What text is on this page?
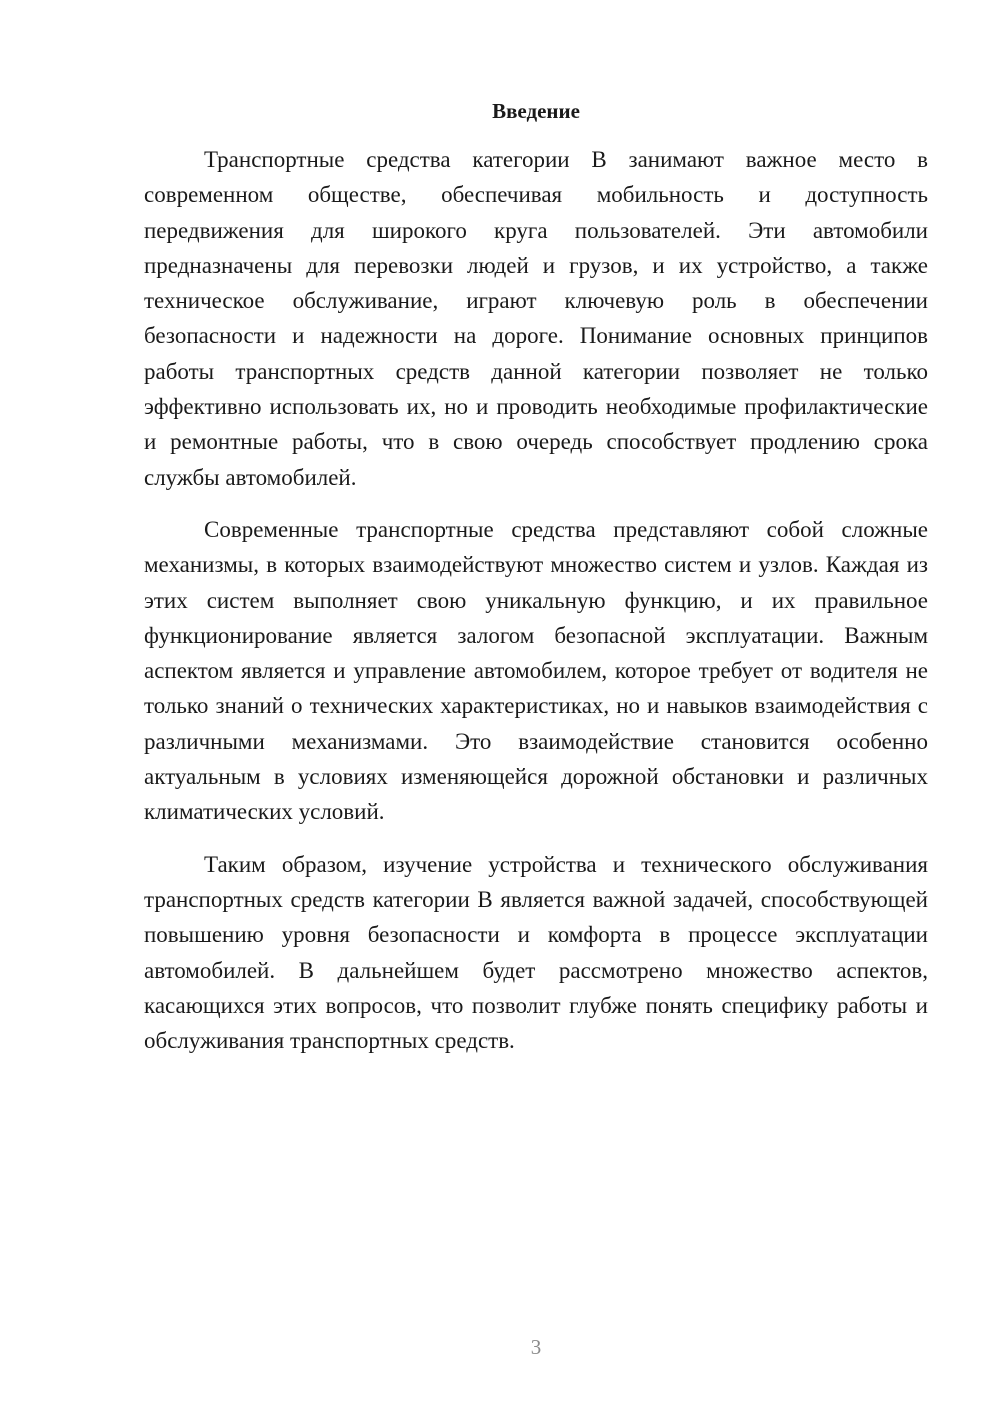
Введение

Транспортные средства категории B занимают важное место в современном обществе, обеспечивая мобильность и доступность передвижения для широкого круга пользователей. Эти автомобили предназначены для перевозки людей и грузов, и их устройство, а также техническое обслуживание, играют ключевую роль в обеспечении безопасности и надежности на дороге. Понимание основных принципов работы транспортных средств данной категории позволяет не только эффективно использовать их, но и проводить необходимые профилактические и ремонтные работы, что в свою очередь способствует продлению срока службы автомобилей.

Современные транспортные средства представляют собой сложные механизмы, в которых взаимодействуют множество систем и узлов. Каждая из этих систем выполняет свою уникальную функцию, и их правильное функционирование является залогом безопасной эксплуатации. Важным аспектом является и управление автомобилем, которое требует от водителя не только знаний о технических характеристиках, но и навыков взаимодействия с различными механизмами. Это взаимодействие становится особенно актуальным в условиях изменяющейся дорожной обстановки и различных климатических условий.

Таким образом, изучение устройства и технического обслуживания транспортных средств категории B является важной задачей, способствующей повышению уровня безопасности и комфорта в процессе эксплуатации автомобилей. В дальнейшем будет рассмотрено множество аспектов, касающихся этих вопросов, что позволит глубже понять специфику работы и обслуживания транспортных средств.

3
